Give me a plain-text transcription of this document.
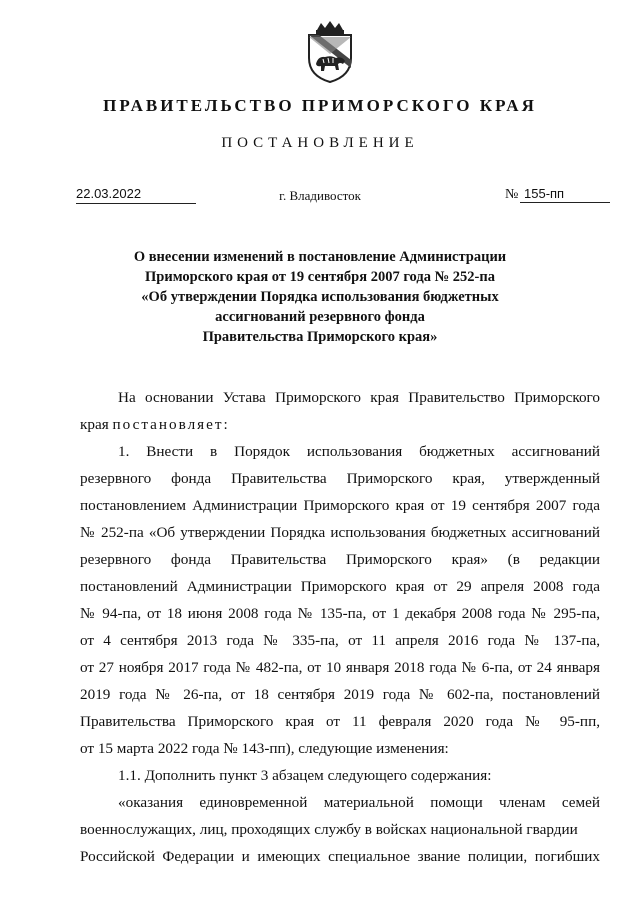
ПРАВИТЕЛЬСТВО ПРИМОРСКОГО КРАЯ
ПОСТАНОВЛЕНИЕ
22.03.2022	г. Владивосток	№ 155-пп
О внесении изменений в постановление Администрации
Приморского края от 19 сентября 2007 года № 252-па
«Об утверждении Порядка использования бюджетных
ассигнований резервного фонда
Правительства Приморского края»
На основании Устава Приморского края Правительство Приморского
края постановляет:
1. Внести в Порядок использования бюджетных ассигнований
резервного фонда Правительства Приморского края, утвержденный
постановлением Администрации Приморского края от 19 сентября 2007 года
№ 252-па «Об утверждении Порядка использования бюджетных ассигнований
резервного фонда Правительства Приморского края» (в редакции
постановлений Администрации Приморского края от 29 апреля 2008 года
№ 94-па, от 18 июня 2008 года № 135-па, от 1 декабря 2008 года № 295-па,
от 4 сентября 2013 года № 335-па, от 11 апреля 2016 года № 137-па,
от 27 ноября 2017 года № 482-па, от 10 января 2018 года № 6-па, от 24 января
2019 года № 26-па, от 18 сентября 2019 года № 602-па, постановлений
Правительства Приморского края от 11 февраля 2020 года № 95-пп,
от 15 марта 2022 года № 143-пп), следующие изменения:
1.1. Дополнить пункт 3 абзацем следующего содержания:
«оказания единовременной материальной помощи членам семей
военнослужащих, лиц, проходящих службу в войсках национальной гвардии
Российской Федерации и имеющих специальное звание полиции, погибших
